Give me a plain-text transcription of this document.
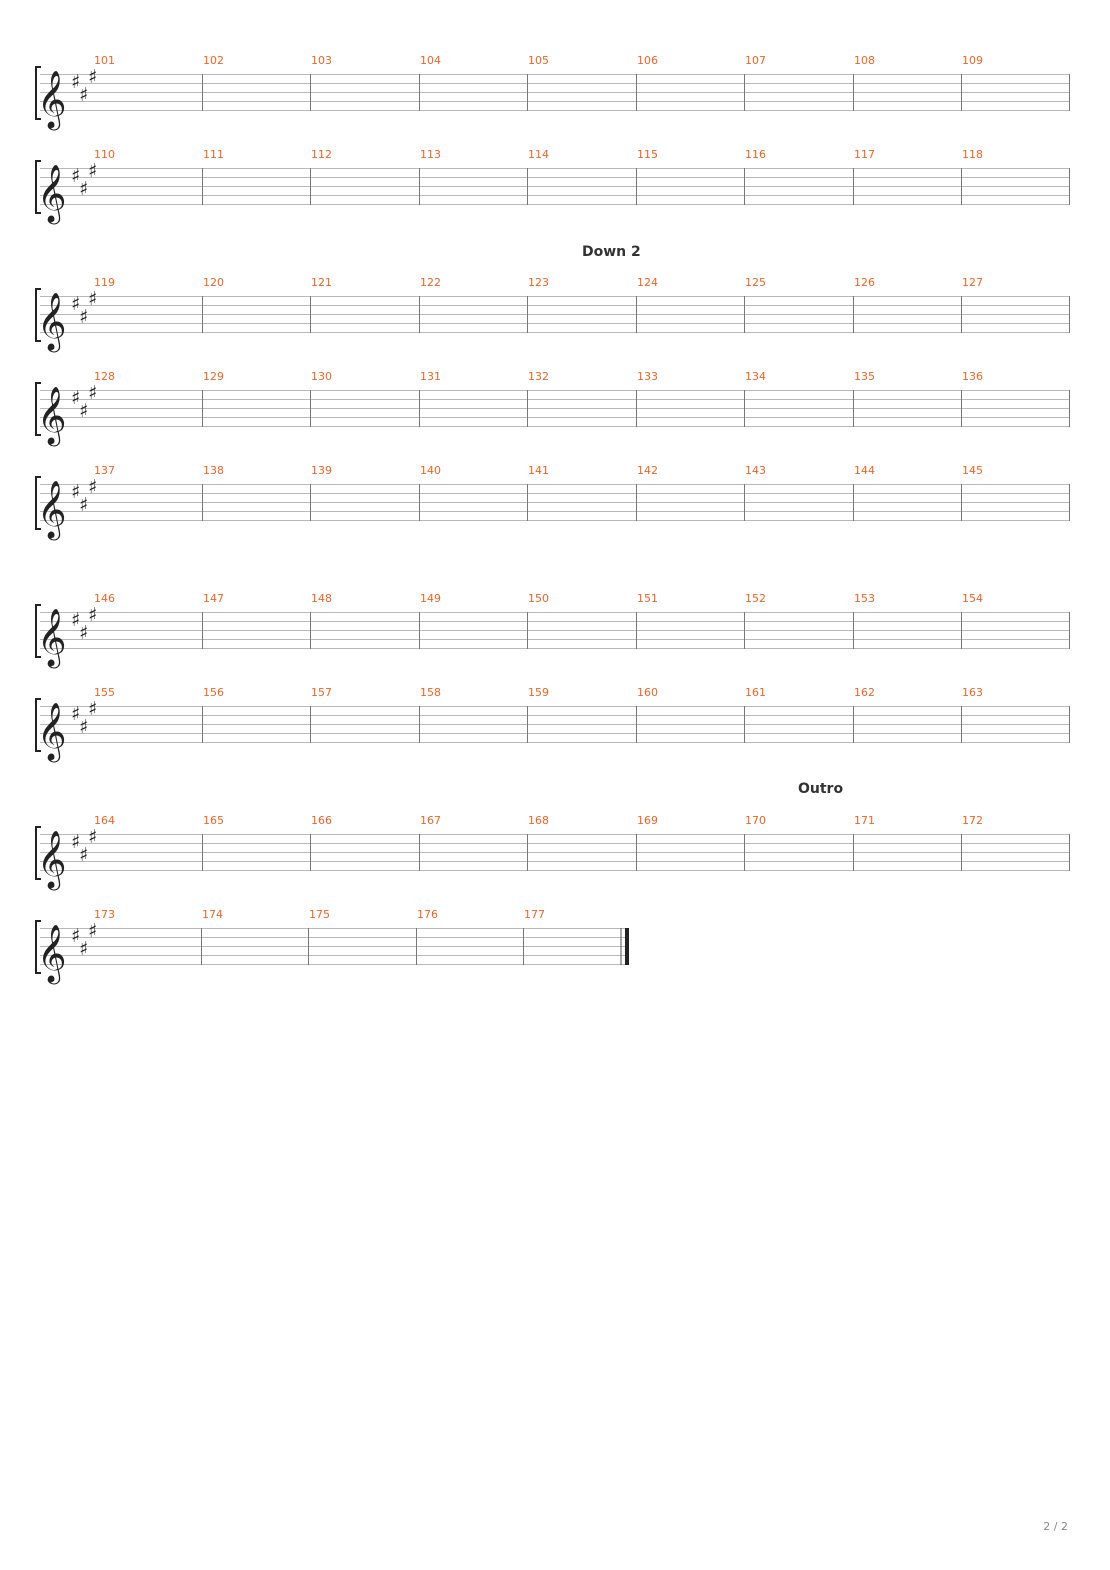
𝄞 ♯
♯
♯
101	102	103	104	105	106	107	108	109
𝄞 ♯
♯
♯
110	111	112	113	114	115	116	117	118
𝄞 ♯
♯
♯
119	120	121	122	123	124	125	126	127
Down 2
𝄞 ♯
♯
♯
128	129	130	131	132	133	134	135	136
𝄞 ♯
♯
♯
137	138	139	140	141	142	143	144	145
𝄞 ♯
♯
♯
146	147	148	149	150	151	152	153	154
𝄞 ♯
♯
♯
155	156	157	158	159	160	161	162	163
𝄞 ♯
♯
♯
164	165	166	167	168	169	170	171	172
Outro
𝄞 ♯
♯
♯
173	174	175	176	177
2 / 2
